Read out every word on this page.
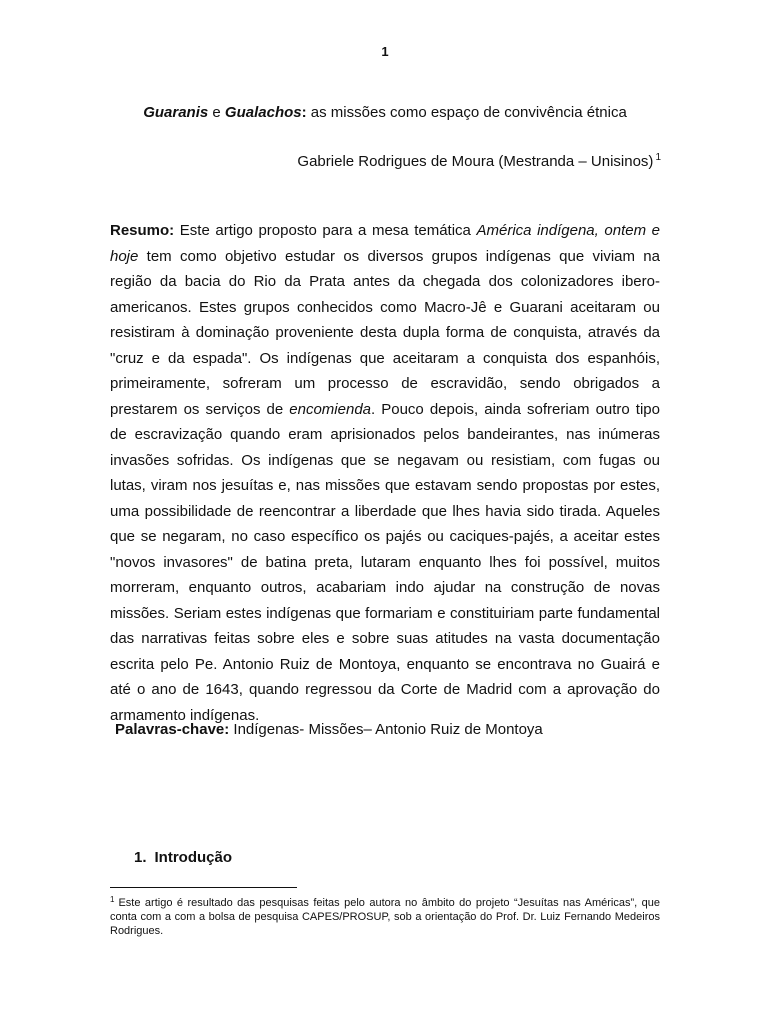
1
Guaranis e Gualachos: as missões como espaço de convivência étnica
Gabriele Rodrigues de Moura (Mestranda – Unisinos) $^1$

Resumo: Este artigo proposto para a mesa temática América indígena, ontem e hoje tem como objetivo estudar os diversos grupos indígenas que viviam na região da bacia do Rio da Prata antes da chegada dos colonizadores ibero-americanos. Estes grupos conhecidos como Macro-Jê e Guarani aceitaram ou resistiram à dominação proveniente desta dupla forma de conquista, através da "cruz e da espada". Os indígenas que aceitaram a conquista dos espanhóis, primeiramente, sofreram um processo de escravidão, sendo obrigados a prestarem os serviços de encomienda. Pouco depois, ainda sofreriam outro tipo de escravização quando eram aprisionados pelos bandeirantes, nas inúmeras invasões sofridas. Os indígenas que se negavam ou resistiam, com fugas ou lutas, viram nos jesuítas e, nas missões que estavam sendo propostas por estes, uma possibilidade de reencontrar a liberdade que lhes havia sido tirada. Aqueles que se negaram, no caso específico os pajés ou caciques-pajés, a aceitar estes "novos invasores" de batina preta, lutaram enquanto lhes foi possível, muitos morreram, enquanto outros, acabariam indo ajudar na construção de novas missões. Seriam estes indígenas que formariam e constituiriam parte fundamental das narrativas feitas sobre eles e sobre suas atitudes na vasta documentação escrita pelo Pe. Antonio Ruiz de Montoya, enquanto se encontrava no Guairá e até o ano de 1643, quando regressou da Corte de Madrid com a aprovação do armamento indígenas.

Palavras-chave: Indígenas- Missões– Antonio Ruiz de Montoya
1. Introdução

$^1$ Este artigo é resultado das pesquisas feitas pelo autora no âmbito do projeto “Jesuítas nas Américas”, que conta com a com a bolsa de pesquisa CAPES/PROSUP, sob a orientação do Prof. Dr. Luiz Fernando Medeiros Rodrigues.
